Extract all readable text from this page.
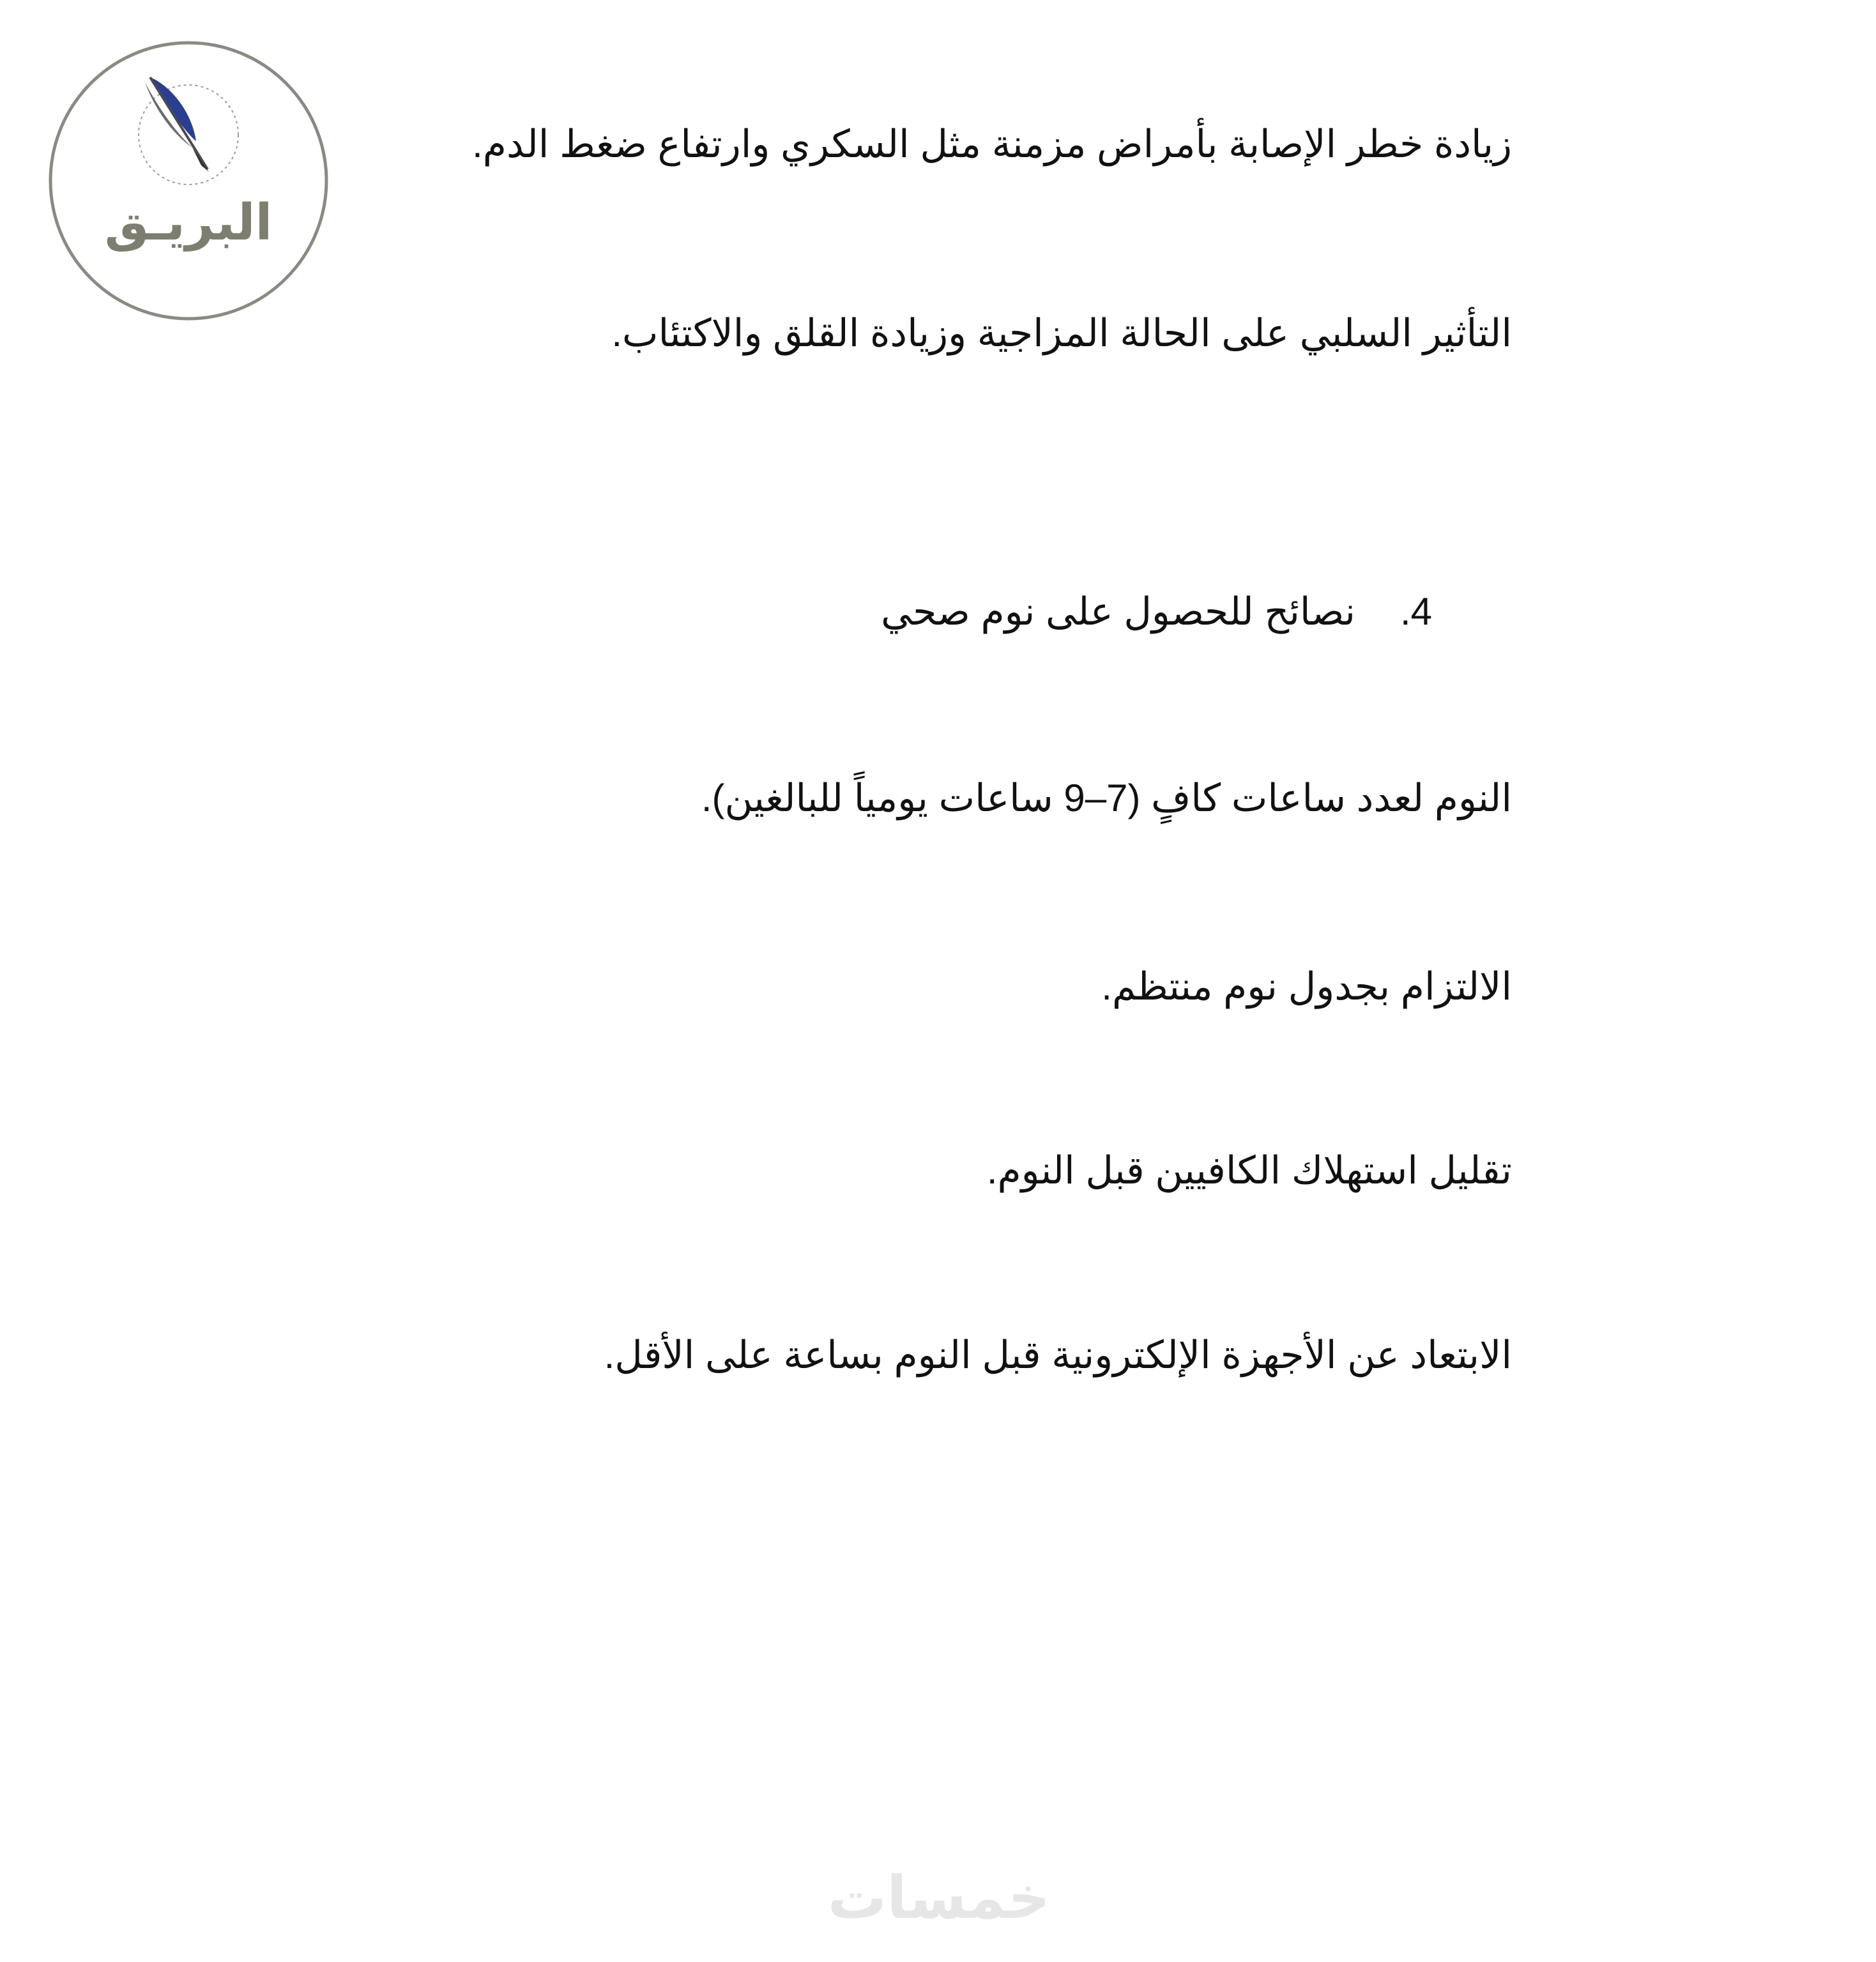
البريـق
زيادة خطر الإصابة بأمراض مزمنة مثل السكري وارتفاع ضغط الدم.
التأثير السلبي على الحالة المزاجية وزيادة القلق والاكتئاب.
4.نصائح للحصول على نوم صحي
النوم لعدد ساعات كافٍ (7–9 ساعات يومياً للبالغين).
الالتزام بجدول نوم منتظم.
تقليل استهلاك الكافيين قبل النوم.
الابتعاد عن الأجهزة الإلكترونية قبل النوم بساعة على الأقل.
خمسات
